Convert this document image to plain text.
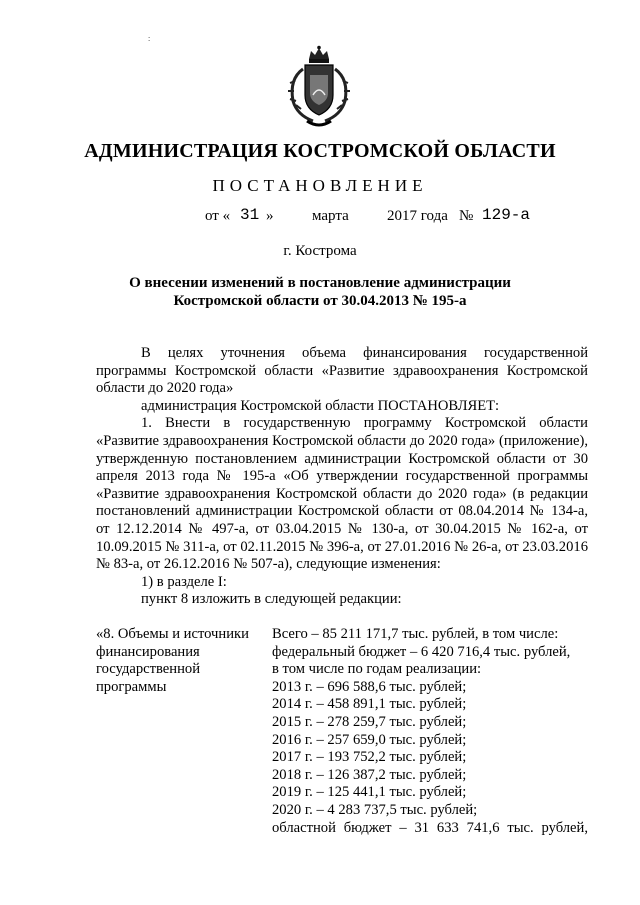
:
АДМИНИСТРАЦИЯ КОСТРОМСКОЙ ОБЛАСТИ
ПОСТАНОВЛЕНИЕ
от « 31 »	марта	2017 года № 129-а
г. Кострома
О внесении изменений в постановление администрации
Костромской области от 30.04.2013 № 195-а

В целях уточнения объема финансирования государственной программы Костромской области «Развитие здравоохранения Костромской области до 2020 года»

администрация Костромской области ПОСТАНОВЛЯЕТ:

1. Внести в государственную программу Костромской области «Развитие здравоохранения Костромской области до 2020 года» (приложение), утвержденную постановлением администрации Костромской области от 30 апреля 2013 года № 195-а «Об утверждении государственной программы «Развитие здравоохранения Костромской области до 2020 года» (в редакции постановлений администрации Костромской области от 08.04.2014 № 134-а, от 12.12.2014 № 497-а, от 03.04.2015 № 130-а, от 30.04.2015 № 162-а, от 10.09.2015 № 311-а, от 02.11.2015 № 396-а, от 27.01.2016 № 26-а, от 23.03.2016 № 83-а, от 26.12.2016 № 507-а), следующие изменения:

1) в разделе I:

пункт 8 изложить в следующей редакции:

«8. Объемы и источники
финансирования
государственной
программы
Всего – 85 211 171,7 тыс. рублей, в том числе:
федеральный бюджет – 6 420 716,4 тыс. рублей,
в том числе по годам реализации:
2013 г. – 696 588,6 тыс. рублей;
2014 г. – 458 891,1 тыс. рублей;
2015 г. – 278 259,7 тыс. рублей;
2016 г. – 257 659,0 тыс. рублей;
2017 г. – 193 752,2 тыс. рублей;
2018 г. – 126 387,2 тыс. рублей;
2019 г. – 125 441,1 тыс. рублей;
2020 г. – 4 283 737,5 тыс. рублей;
областной бюджет – 31 633 741,6 тыс. рублей,
